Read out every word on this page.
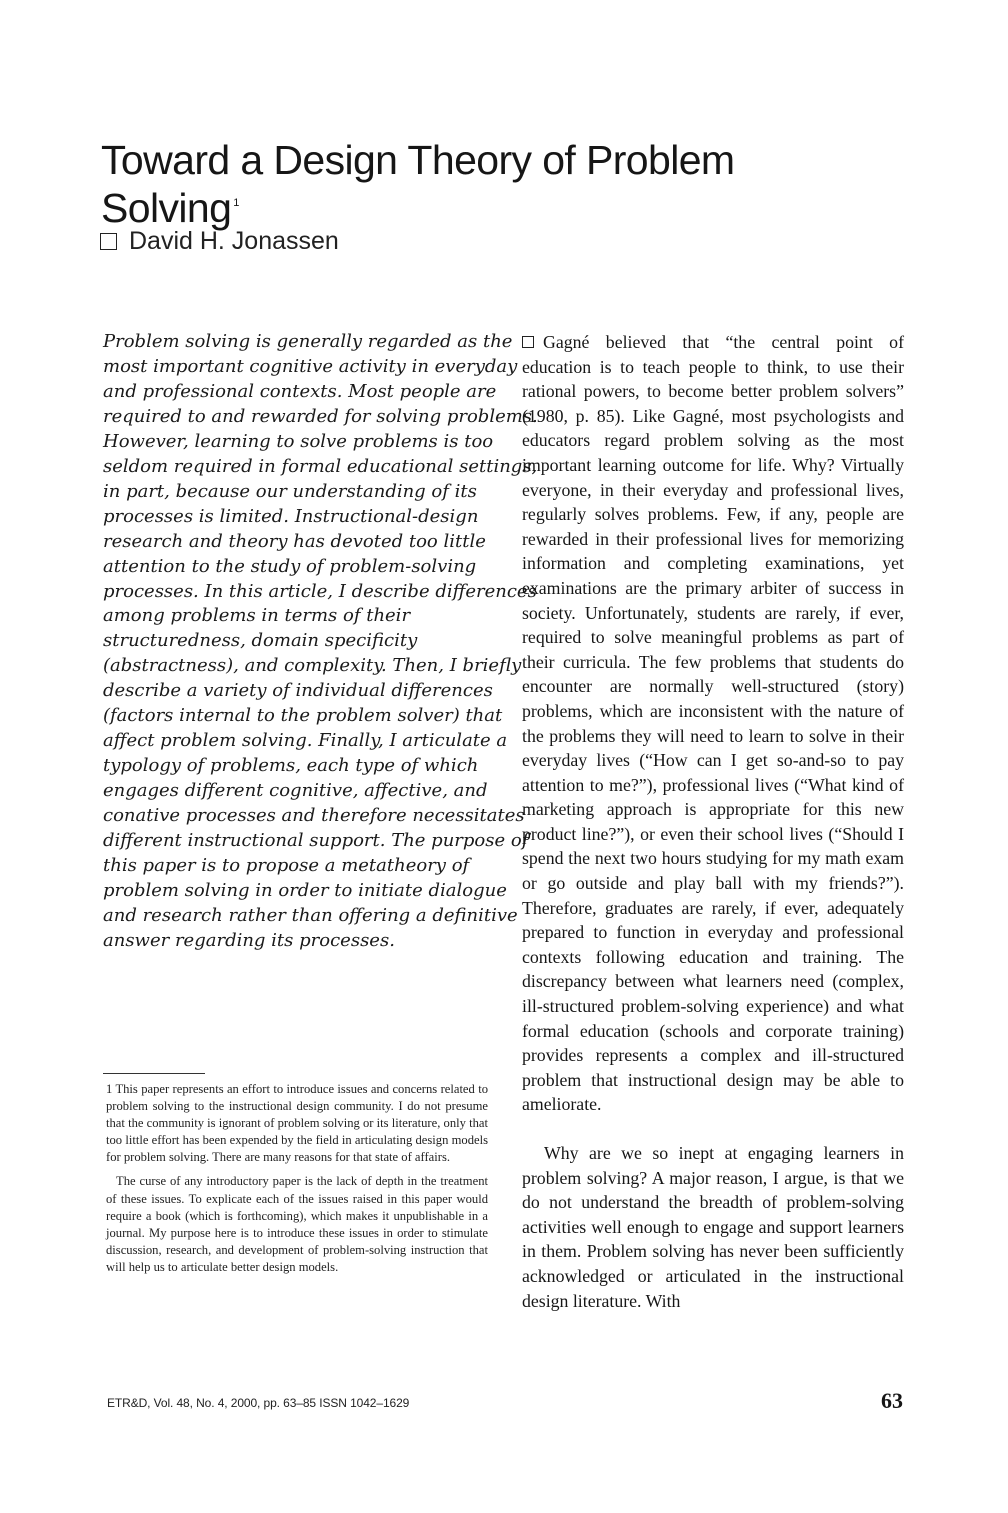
Toward a Design Theory of Problem Solving $^1$
David H. Jonassen
Problem solving is generally regarded as the
most important cognitive activity in everyday
and professional contexts. Most people are
required to and rewarded for solving problems.
However, learning to solve problems is too
seldom required in formal educational settings,
in part, because our understanding of its
processes is limited. Instructional-design
research and theory has devoted too little
attention to the study of problem-solving
processes. In this article, I describe differences
among problems in terms of their
structuredness, domain specificity
(abstractness), and complexity. Then, I briefly
describe a variety of individual differences
(factors internal to the problem solver) that
affect problem solving. Finally, I articulate a
typology of problems, each type of which
engages different cognitive, affective, and
conative processes and therefore necessitates
different instructional support. The purpose of
this paper is to propose a metatheory of
problem solving in order to initiate dialogue
and research rather than offering a definitive
answer regarding its processes.

1 This paper represents an effort to introduce issues and concerns related to problem solving to the instructional design community. I do not presume that the community is ignorant of problem solving or its literature, only that too little effort has been expended by the field in articulating design models for problem solving. There are many reasons for that state of affairs.

The curse of any introductory paper is the lack of depth in the treatment of these issues. To explicate each of the issues raised in this paper would require a book (which is forthcoming), which makes it unpublishable in a journal. My purpose here is to introduce these issues in order to stimulate discussion, research, and development of problem-solving instruction that will help us to articulate better design models.

Gagné believed that “the central point of education is to teach people to think, to use their rational powers, to become better problem solvers” (1980, p. 85). Like Gagné, most psychologists and educators regard problem solving as the most important learning outcome for life. Why? Virtually everyone, in their everyday and professional lives, regularly solves problems. Few, if any, people are rewarded in their professional lives for memorizing information and completing examinations, yet examinations are the primary arbiter of success in society. Unfortunately, students are rarely, if ever, required to solve meaningful problems as part of their curricula. The few problems that students do encounter are normally well-structured (story) problems, which are inconsistent with the nature of the problems they will need to learn to solve in their everyday lives (“How can I get so-and-so to pay attention to me?”), professional lives (“What kind of marketing approach is appropriate for this new product line?”), or even their school lives (“Should I spend the next two hours studying for my math exam or go outside and play ball with my friends?”). Therefore, graduates are rarely, if ever, adequately prepared to function in everyday and professional contexts following education and training. The discrepancy between what learners need (complex, ill-structured problem-solving experience) and what formal education (schools and corporate training) provides represents a complex and ill-structured problem that instructional design may be able to ameliorate.

Why are we so inept at engaging learners in problem solving? A major reason, I argue, is that we do not understand the breadth of problem-solving activities well enough to engage and support learners in them. Problem solving has never been sufficiently acknowledged or articulated in the instructional design literature. With

ETR&D, Vol. 48, No. 4, 2000, pp. 63–85 ISSN 1042–1629	63
